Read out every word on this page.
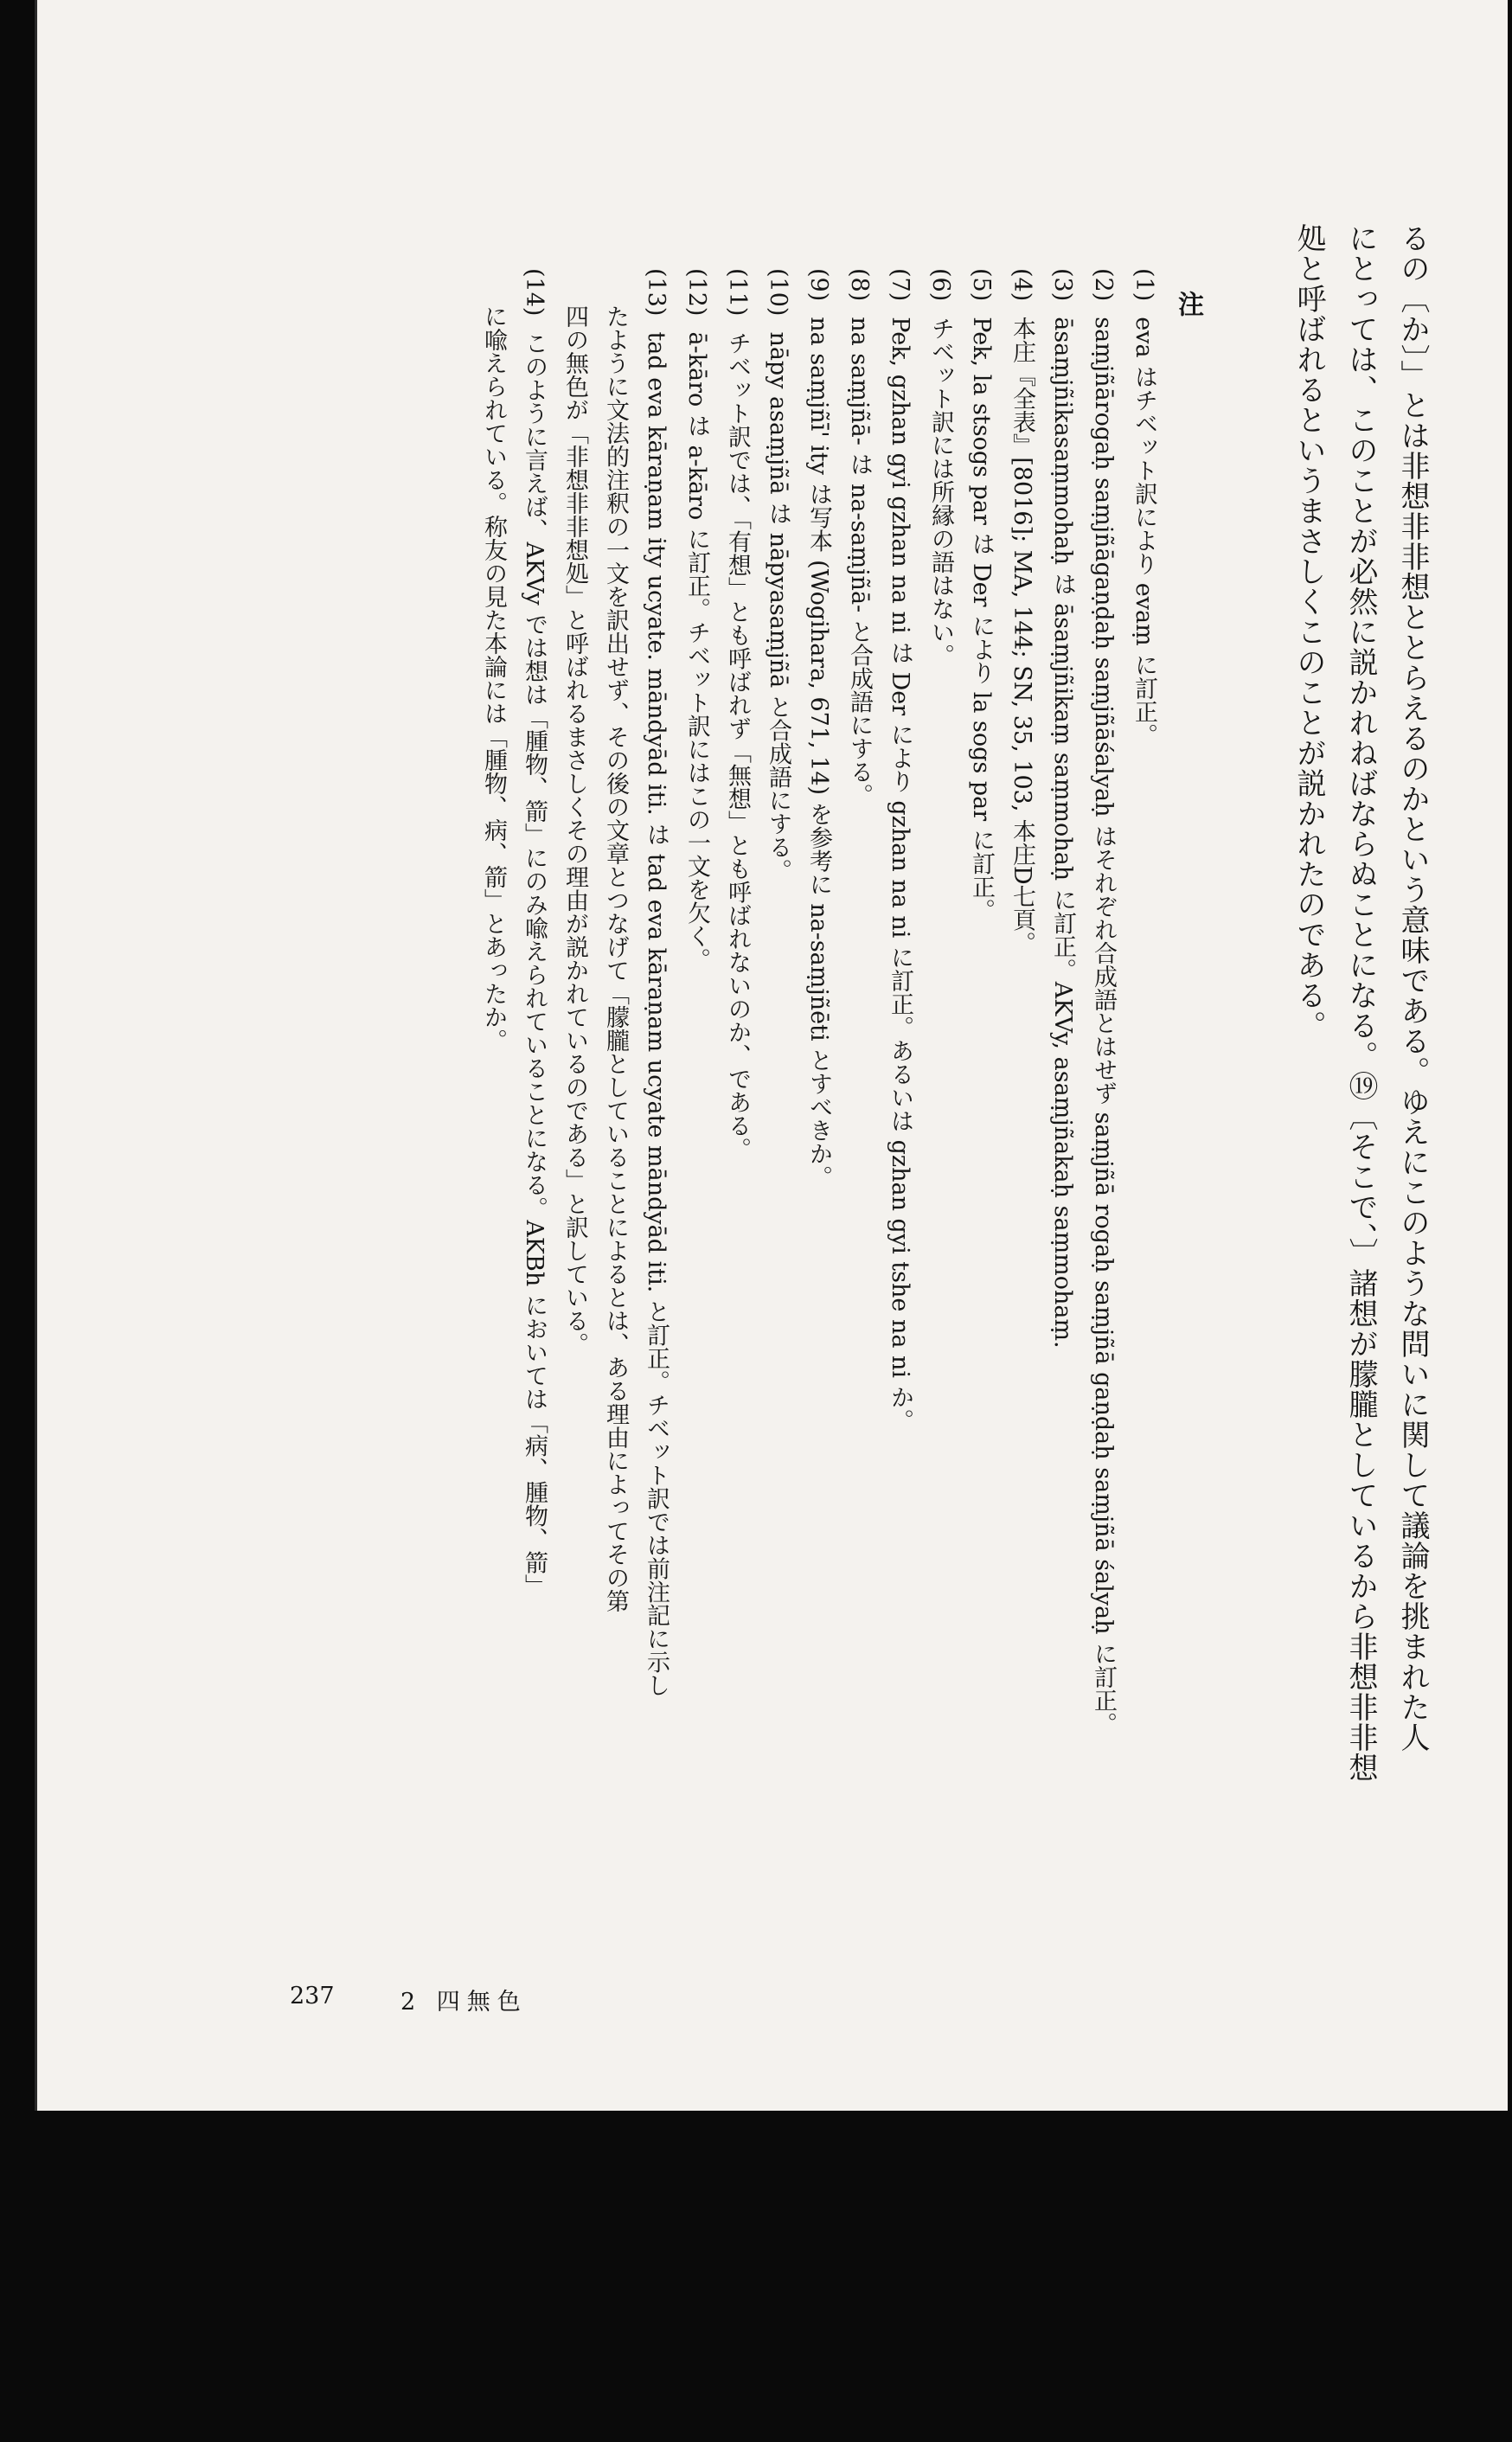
るの〔か〕」とは非想非非想ととらえるのかという意味である。ゆえにこのような問いに関して議論を挑まれた人
にとっては、このことが必然に説かれねばならぬことになる。⑲〔そこで、〕諸想が朦朧としているから非想非非想
処と呼ばれるというまさしくこのことが説かれたのである。
注
(1)eva はチベット訳により evaṃ に訂正。
(2)saṃjñārogaḥ saṃjñāgaṇḍaḥ saṃjñāśalyaḥ はそれぞれ合成語とはせず saṃjñā rogaḥ saṃjñā gaṇḍaḥ saṃjñā śalyaḥ に訂正。
(3)āsaṃjñikasaṃmohaḥ は āsaṃjñikaṃ saṃmohaḥ に訂正。AKVy, asaṃjñakaḥ saṃmohaṃ.
(4)本庄『全表』[8016]; MA, 144; SN, 35, 103, 本庄D七頁。
(5)Pek, la stsogs par は Der により la sogs par に訂正。
(6)チベット訳には所縁の語はない。
(7)Pek, gzhan gyi gzhan na ni は Der により gzhan na ni に訂正。あるいは gzhan gyi tshe na ni か。
(8)na saṃjñā- は na-saṃjñā- と合成語にする。
(9)na saṃjñī' ity は写本 (Wogihara, 671, 14) を参考に na-saṃjñēti とすべきか。
(10)nāpy asaṃjñā は nāpyasaṃjñā と合成語にする。
(11)チベット訳では、「有想」とも呼ばれず「無想」とも呼ばれないのか、である。
(12)ā-kāro は a-kāro に訂正。チベット訳にはこの一文を欠く。
(13)tad eva kāraṇam ity ucyate. māndyād iti. は tad eva kāraṇam ucyate māndyād iti. と訂正。チベット訳では前注記に示し
たように文法的注釈の一文を訳出せず、その後の文章とつなげて「朦朧としていることによるとは、ある理由によってその第
四の無色が「非想非非想処」と呼ばれるまさしくその理由が説かれているのである」と訳している。
(14)このように言えば、AKVy では想は「腫物、箭」にのみ喩えられていることになる。AKBh においては「病、腫物、箭」
に喩えられている。称友の見た本論には「腫物、病、箭」とあったか。
237	2 四無色
